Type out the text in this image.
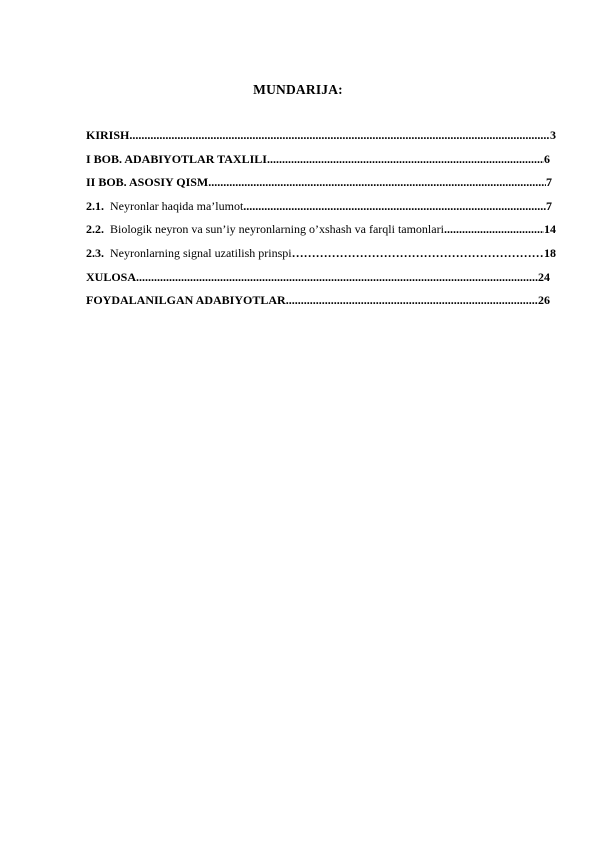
MUNDARIJA:
KIRISH .....	3
I BOB. ADABIYOTLAR TAXLILI .....	6
II BOB. ASOSIY QISM .....	7
2.1. Neyronlar haqida ma’lumot .....	7
2.2. Biologik neyron va sun’iy neyronlarning o’xshash va farqli tamonlari .....	14
2.3. Neyronlarning signal uzatilish prinspi …………………………………………………………………………………………………………	18
XULOSA .....	24
FOYDALANILGAN ADABIYOTLAR .....	26
